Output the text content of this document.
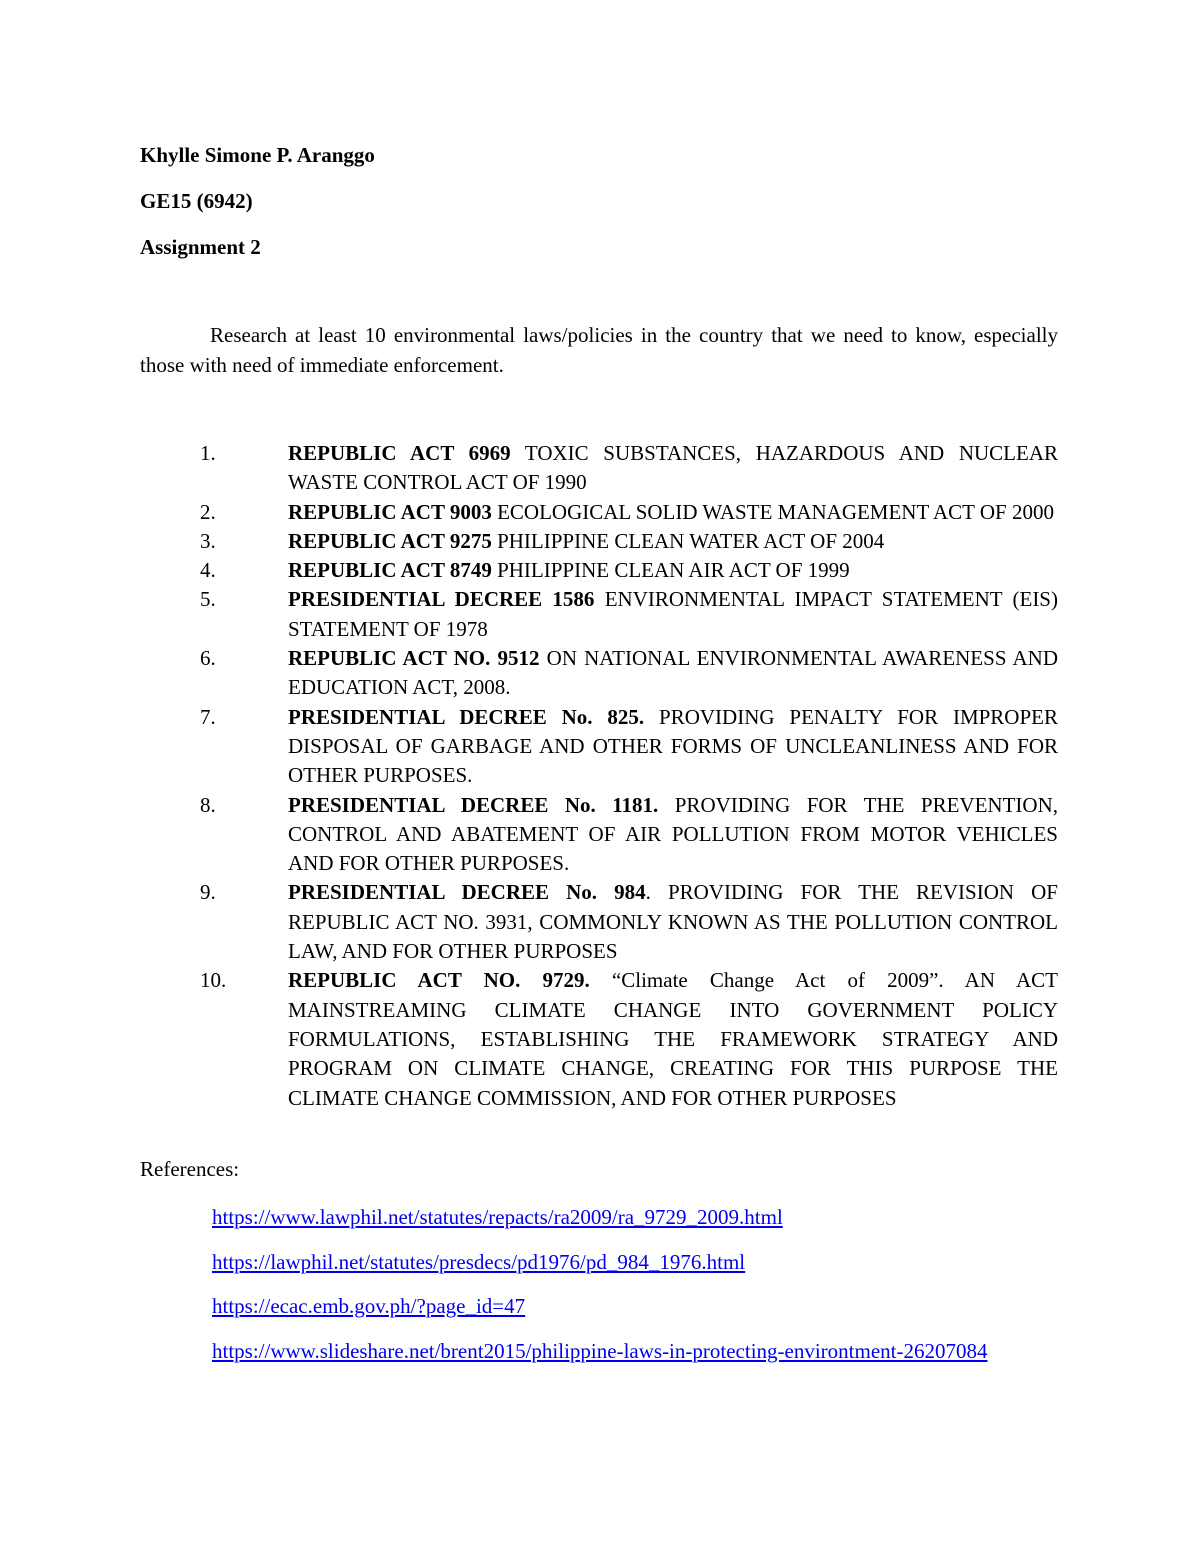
Khylle Simone P. Aranggo
GE15 (6942)
Assignment 2

Research at least 10 environmental laws/policies in the country that we need to know, especially those with need of immediate enforcement.

1.	REPUBLIC ACT 6969 TOXIC SUBSTANCES, HAZARDOUS AND NUCLEAR WASTE CONTROL ACT OF 1990
2.	REPUBLIC ACT 9003 ECOLOGICAL SOLID WASTE MANAGEMENT ACT OF 2000
3.	REPUBLIC ACT 9275 PHILIPPINE CLEAN WATER ACT OF 2004
4.	REPUBLIC ACT 8749 PHILIPPINE CLEAN AIR ACT OF 1999
5.	PRESIDENTIAL DECREE 1586 ENVIRONMENTAL IMPACT STATEMENT (EIS) STATEMENT OF 1978
6.	REPUBLIC ACT NO. 9512 ON NATIONAL ENVIRONMENTAL AWARENESS AND EDUCATION ACT, 2008.
7.	PRESIDENTIAL DECREE No. 825. PROVIDING PENALTY FOR IMPROPER DISPOSAL OF GARBAGE AND OTHER FORMS OF UNCLEANLINESS AND FOR OTHER PURPOSES.
8.	PRESIDENTIAL DECREE No. 1181. PROVIDING FOR THE PREVENTION, CONTROL AND ABATEMENT OF AIR POLLUTION FROM MOTOR VEHICLES AND FOR OTHER PURPOSES.
9.	PRESIDENTIAL DECREE No. 984. PROVIDING FOR THE REVISION OF REPUBLIC ACT NO. 3931, COMMONLY KNOWN AS THE POLLUTION CONTROL LAW, AND FOR OTHER PURPOSES
10.	REPUBLIC ACT NO. 9729. “Climate Change Act of 2009”. AN ACT MAINSTREAMING CLIMATE CHANGE INTO GOVERNMENT POLICY FORMULATIONS, ESTABLISHING THE FRAMEWORK STRATEGY AND PROGRAM ON CLIMATE CHANGE, CREATING FOR THIS PURPOSE THE CLIMATE CHANGE COMMISSION, AND FOR OTHER PURPOSES
References:

https://www.lawphil.net/statutes/repacts/ra2009/ra_9729_2009.html

https://lawphil.net/statutes/presdecs/pd1976/pd_984_1976.html

https://ecac.emb.gov.ph/?page_id=47

https://www.slideshare.net/brent2015/philippine-laws-in-protecting-environtment-26207084
